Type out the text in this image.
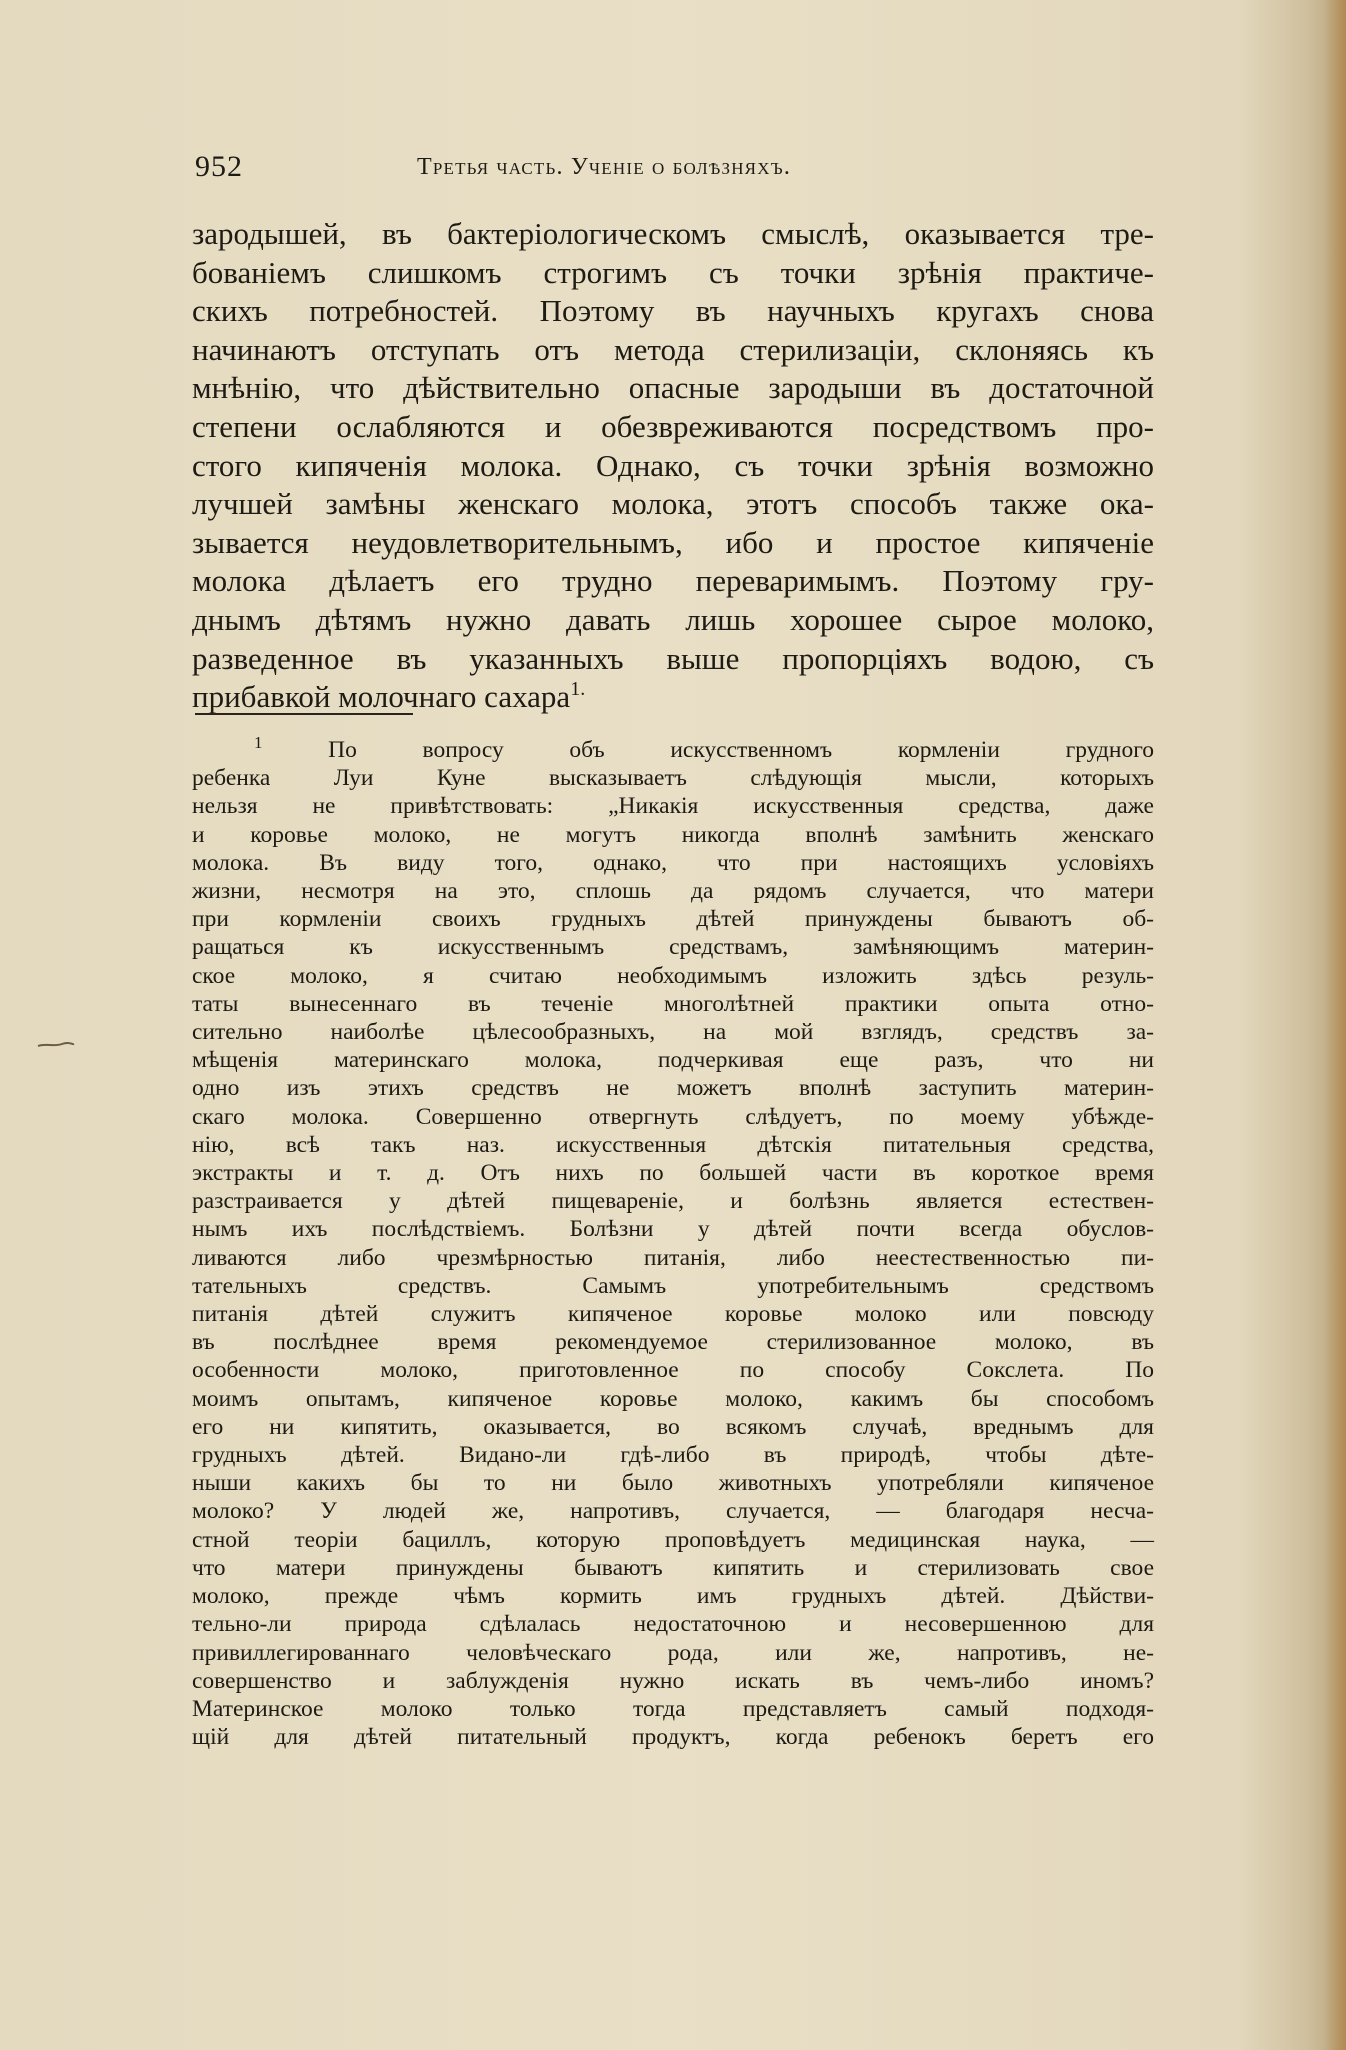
952	Третья часть. Ученіе о болѣзняхъ.
зародышей, въ бактеріологическомъ смыслѣ, оказывается тре-
бованіемъ слишкомъ строгимъ съ точки зрѣнія практиче-
скихъ потребностей. Поэтому въ научныхъ кругахъ снова
начинаютъ отступать отъ метода стерилизаціи, склоняясь къ
мнѣнію, что дѣйствительно опасные зародыши въ достаточной
степени ослабляются и обезвреживаются посредствомъ про-
стого кипяченія молока. Однако, съ точки зрѣнія возможно
лучшей замѣны женскаго молока, этотъ способъ также ока-
зывается неудовлетворительнымъ, ибо и простое кипяченіе
молока дѣлаетъ его трудно переваримымъ. Поэтому гру-
днымъ дѣтямъ нужно давать лишь хорошее сырое молоко,
разведенное въ указанныхъ выше пропорціяхъ водою, съ
прибавкой молочнаго сахара$^{1.}$
$^1$ По вопросу объ искусственномъ кормленіи грудного
ребенка Луи Куне высказываетъ слѣдующія мысли, которыхъ
нельзя не привѣтствовать: „Никакія искусственныя средства, даже
и коровье молоко, не могутъ никогда вполнѣ замѣнить женскаго
молока. Въ виду того, однако, что при настоящихъ условіяхъ
жизни, несмотря на это, сплошь да рядомъ случается, что матери
при кормленіи своихъ грудныхъ дѣтей принуждены бываютъ об-
ращаться къ искусственнымъ средствамъ, замѣняющимъ материн-
ское молоко, я считаю необходимымъ изложить здѣсь резуль-
таты вынесеннаго въ теченіе многолѣтней практики опыта отно-
сительно наиболѣе цѣлесообразныхъ, на мой взглядъ, средствъ за-
мѣщенія материнскаго молока, подчеркивая еще разъ, что ни
одно изъ этихъ средствъ не можетъ вполнѣ заступить материн-
скаго молока. Совершенно отвергнуть слѣдуетъ, по моему убѣжде-
нію, всѣ такъ наз. искусственныя дѣтскія питательныя средства,
экстракты и т. д. Отъ нихъ по большей части въ короткое время
разстраивается у дѣтей пищевареніе, и болѣзнь является естествен-
нымъ ихъ послѣдствіемъ. Болѣзни у дѣтей почти всегда обуслов-
ливаются либо чрезмѣрностью питанія, либо неестественностью пи-
тательныхъ средствъ. Самымъ употребительнымъ средствомъ
питанія дѣтей служитъ кипяченое коровье молоко или повсюду
въ послѣднее время рекомендуемое стерилизованное молоко, въ
особенности молоко, приготовленное по способу Сокслета. По
моимъ опытамъ, кипяченое коровье молоко, какимъ бы способомъ
его ни кипятить, оказывается, во всякомъ случаѣ, вреднымъ для
грудныхъ дѣтей. Видано-ли гдѣ-либо въ природѣ, чтобы дѣте-
ныши какихъ бы то ни было животныхъ употребляли кипяченое
молоко? У людей же, напротивъ, случается, — благодаря несча-
стной теоріи бациллъ, которую проповѣдуетъ медицинская наука, —
что матери принуждены бываютъ кипятить и стерилизовать свое
молоко, прежде чѣмъ кормить имъ грудныхъ дѣтей. Дѣйстви-
тельно-ли природа сдѣлалась недостаточною и несовершенною для
привиллегированнаго человѣческаго рода, или же, напротивъ, не-
совершенство и заблужденія нужно искать въ чемъ-либо иномъ?
Материнское молоко только тогда представляетъ самый подходя-
щій для дѣтей питательный продуктъ, когда ребенокъ беретъ его
